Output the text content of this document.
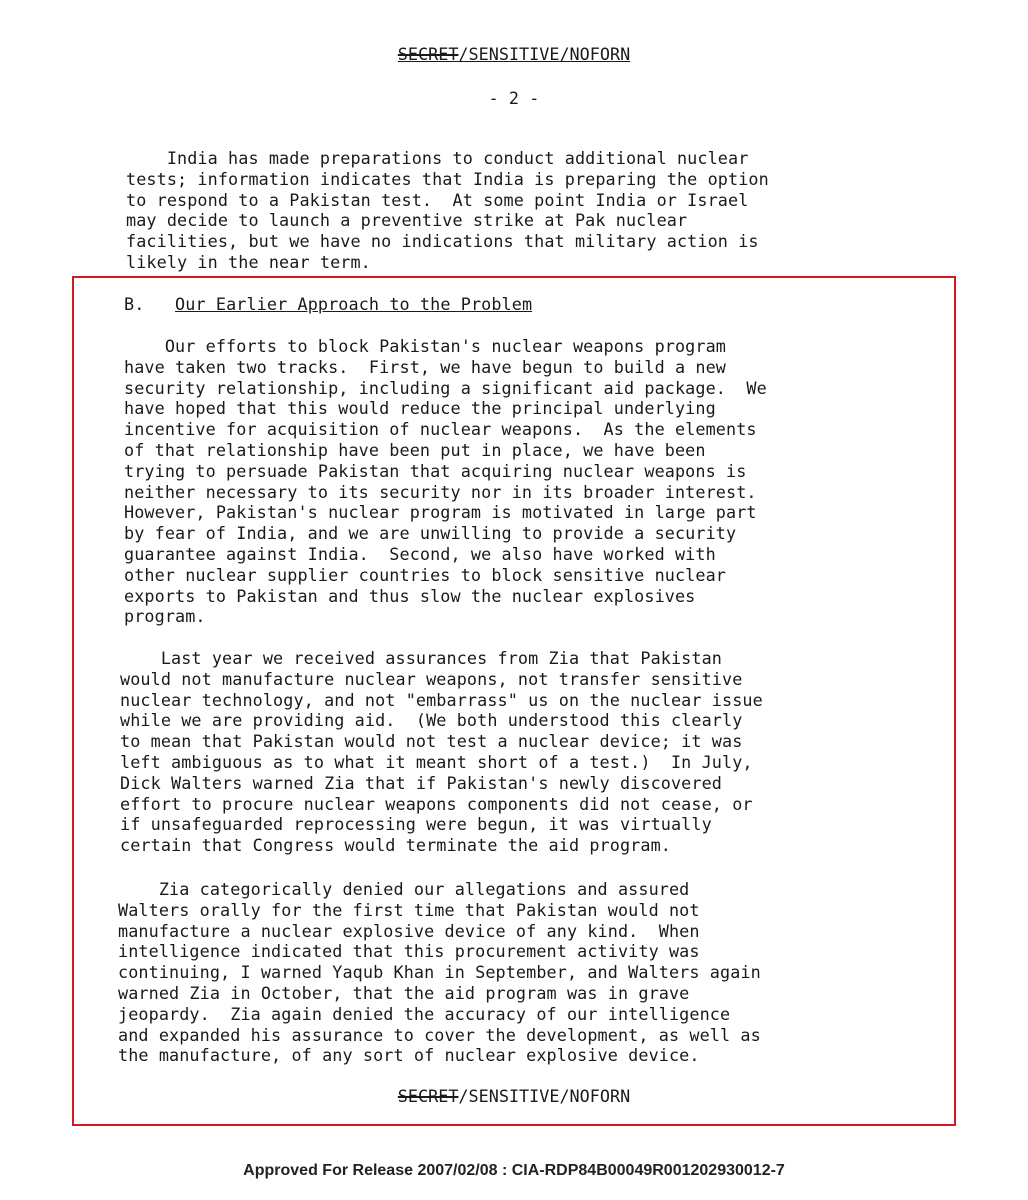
SECRET/SENSITIVE/NOFORN
- 2 -
India has made preparations to conduct additional nuclear
tests; information indicates that India is preparing the option
to respond to a Pakistan test.  At some point India or Israel
may decide to launch a preventive strike at Pak nuclear
facilities, but we have no indications that military action is
likely in the near term.
B. Our Earlier Approach to the Problem
Our efforts to block Pakistan's nuclear weapons program
have taken two tracks.  First, we have begun to build a new
security relationship, including a significant aid package.  We
have hoped that this would reduce the principal underlying
incentive for acquisition of nuclear weapons.  As the elements
of that relationship have been put in place, we have been
trying to persuade Pakistan that acquiring nuclear weapons is
neither necessary to its security nor in its broader interest.
However, Pakistan's nuclear program is motivated in large part
by fear of India, and we are unwilling to provide a security
guarantee against India.  Second, we also have worked with
other nuclear supplier countries to block sensitive nuclear
exports to Pakistan and thus slow the nuclear explosives
program.
Last year we received assurances from Zia that Pakistan
would not manufacture nuclear weapons, not transfer sensitive
nuclear technology, and not "embarrass" us on the nuclear issue
while we are providing aid.  (We both understood this clearly
to mean that Pakistan would not test a nuclear device; it was
left ambiguous as to what it meant short of a test.)  In July,
Dick Walters warned Zia that if Pakistan's newly discovered
effort to procure nuclear weapons components did not cease, or
if unsafeguarded reprocessing were begun, it was virtually
certain that Congress would terminate the aid program.
Zia categorically denied our allegations and assured
Walters orally for the first time that Pakistan would not
manufacture a nuclear explosive device of any kind.  When
intelligence indicated that this procurement activity was
continuing, I warned Yaqub Khan in September, and Walters again
warned Zia in October, that the aid program was in grave
jeopardy.  Zia again denied the accuracy of our intelligence
and expanded his assurance to cover the development, as well as
the manufacture, of any sort of nuclear explosive device.
SECRET/SENSITIVE/NOFORN
Approved For Release 2007/02/08 : CIA-RDP84B00049R001202930012-7
